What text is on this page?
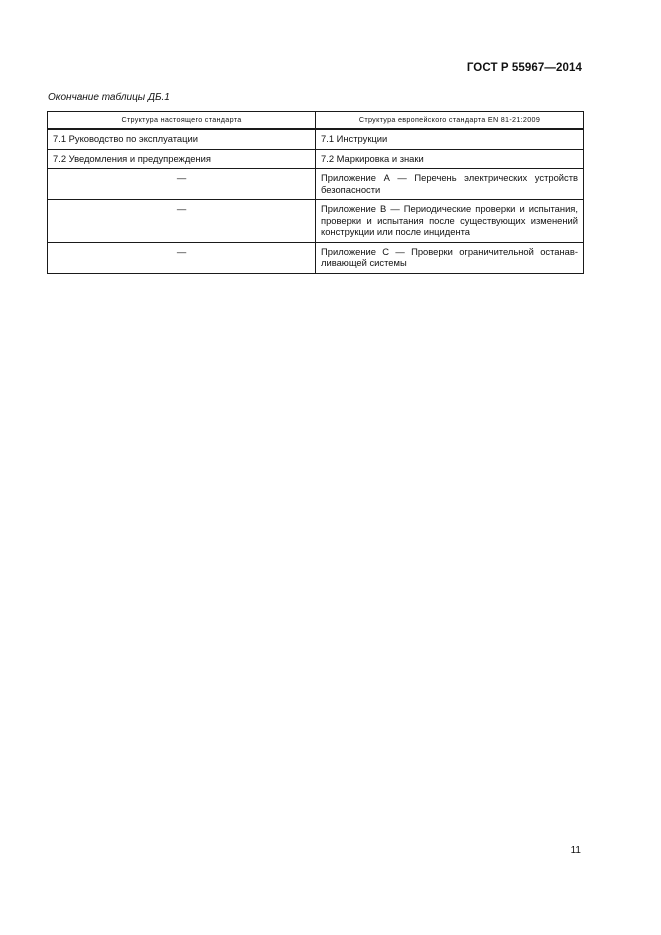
ГОСТ Р 55967—2014
Окончание таблицы ДБ.1
Структура настоящего стандарта	Структура европейского стандарта EN 81-21:2009
7.1 Руководство по эксплуатации	7.1 Инструкции
7.2 Уведомления и предупреждения	7.2 Маркировка и знаки
—	Приложение А — Перечень электрических устройств безопасности
—	Приложение В — Периодические проверки и испытания, проверки и испытания после существующих изменений конструкции или после инцидента
—	Приложение С — Проверки ограничительной останавливающей системы
11
